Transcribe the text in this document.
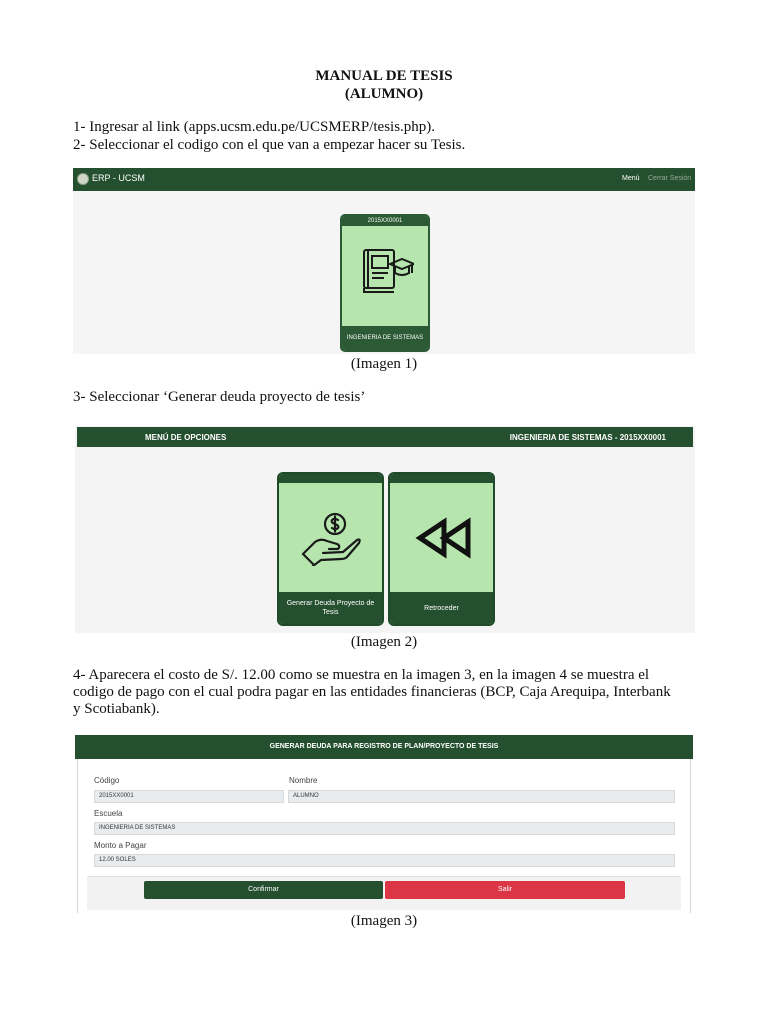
MANUAL DE TESIS
(ALUMNO)
1- Ingresar al link (apps.ucsm.edu.pe/UCSMERP/tesis.php).
2- Seleccionar el codigo con el que van a empezar hacer su Tesis.
ERP - UCSM	Menú Cerrar Sesión
2015XX0001
INGENIERIA DE SISTEMAS
(Imagen 1)
3- Seleccionar ‘Generar deuda proyecto de tesis’
MENÚ DE OPCIONES	INGENIERIA DE SISTEMAS - 2015XX0001
Generar Deuda Proyecto de Tesis
Retroceder
(Imagen 2)
4- Aparecera el costo de S/. 12.00 como se muestra en la imagen 3, en la imagen 4 se muestra el
codigo de pago con el cual podra pagar en las entidades financieras (BCP, Caja Arequipa, Interbank
y Scotiabank).
GENERAR DEUDA PARA REGISTRO DE PLAN/PROYECTO DE TESIS
Código
2015XX0001
Nombre
ALUMNO
Escuela
INGENIERIA DE SISTEMAS
Monto a Pagar
12.00 SOLES
Confirmar	Salir
(Imagen 3)
